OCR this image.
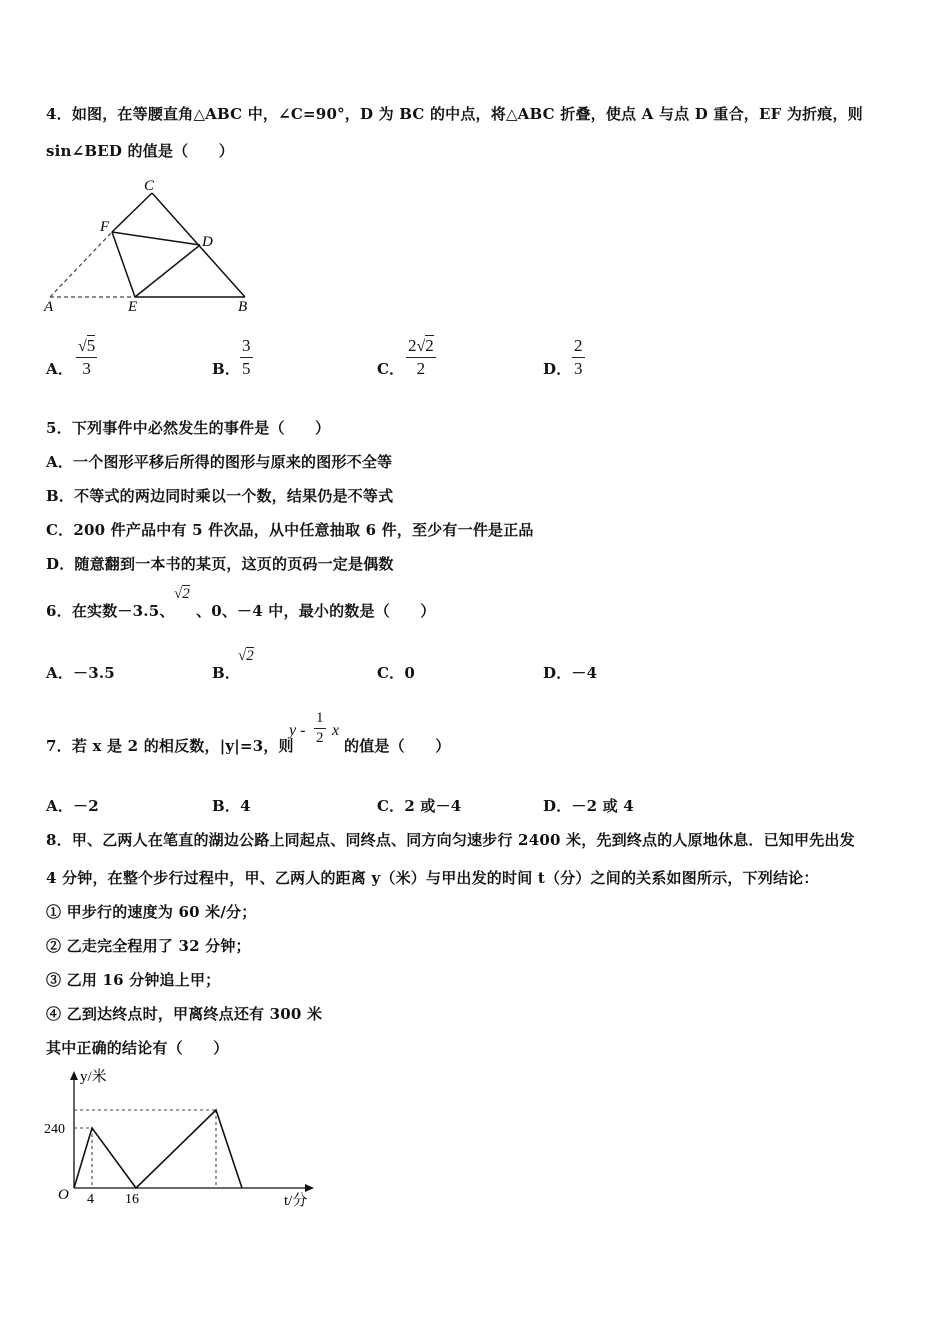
4．如图，在等腰直角△ABC 中，∠C=90°，D 为 BC 的中点，将△ABC 折叠，使点 A 与点 D 重合，EF 为折痕，则
sin∠BED 的值是（　　）
C
F
D
A	E	B
A．
√5
3	B．
3
5	C．
2√2
2	D．
2
3
5．下列事件中必然发生的事件是（　　）
A．一个图形平移后所得的图形与原来的图形不全等
B．不等式的两边同时乘以一个数，结果仍是不等式
C．200 件产品中有 5 件次品，从中任意抽取 6 件，至少有一件是正品
D．随意翻到一本书的某页，这页的页码一定是偶数
6．在实数－3.5、
√2
、0、－4 中，最小的数是（　　）
A．－3.5	B．
√2
C．0	D．－4
7．若 x 是 2 的相反数，|y|=3，则
y -
1
2 x
的值是（　　）
A．－2	B．4	C．2 或－4	D．－2 或 4
8．甲、乙两人在笔直的湖边公路上同起点、同终点、同方向匀速步行 2400 米，先到终点的人原地休息．已知甲先出发
4 分钟，在整个步行过程中，甲、乙两人的距离 y（米）与甲出发的时间 t（分）之间的关系如图所示，下列结论：
① 甲步行的速度为 60 米/分；
② 乙走完全程用了 32 分钟；
③ 乙用 16 分钟追上甲；
④ 乙到达终点时，甲离终点还有 300 米
其中正确的结论有（　　）
y/米
t/分
O
240
4 16
